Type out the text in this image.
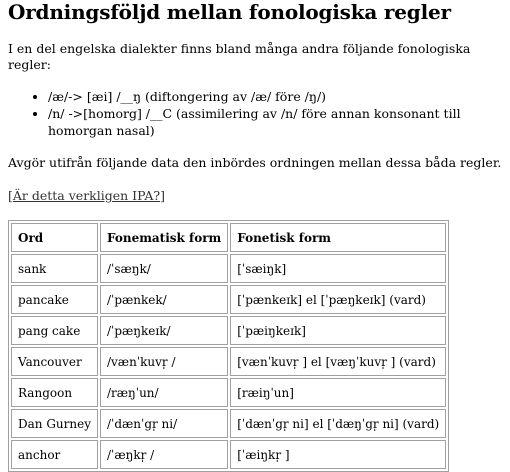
Ordningsföljd mellan fonologiska regler

I en del engelska dialekter finns bland många andra följande fonologiska regler:

• /æ/-> [æi] /__ŋ (diftongering av /æ/ före /ŋ/)
• /n/ ->[homorg] /__C (assimilering av /n/ före annan konsonant till homorgan nasal)

Avgör utifrån följande data den inbördes ordningen mellan dessa båda regler.

[Är detta verkligen IPA?]

Ord	Fonematisk form	Fonetisk form
sank	/ˈsæŋk/	[ˈsæiŋk]
pancake	/ˈpænkek/	[ˈpænkeɪk] el [ˈpæŋkeɪk] (vard)
pang cake	/ˈpæŋkeɪk/	[ˈpæiŋkeɪk]
Vancouver	/vænˈkuvr̩ /	[vænˈkuvr̩ ] el [væŋˈkuvr̩ ] (vard)
Rangoon	/ræŋˈun/	[ræiŋˈun]
Dan Gurney	/ˈdænˈgr̩ ni/	[ˈdænˈgr̩ ni] el [ˈdæŋˈgr̩ ni] (vard)
anchor	/ˈæŋkr̩ /	[ˈæiŋkr̩ ]
